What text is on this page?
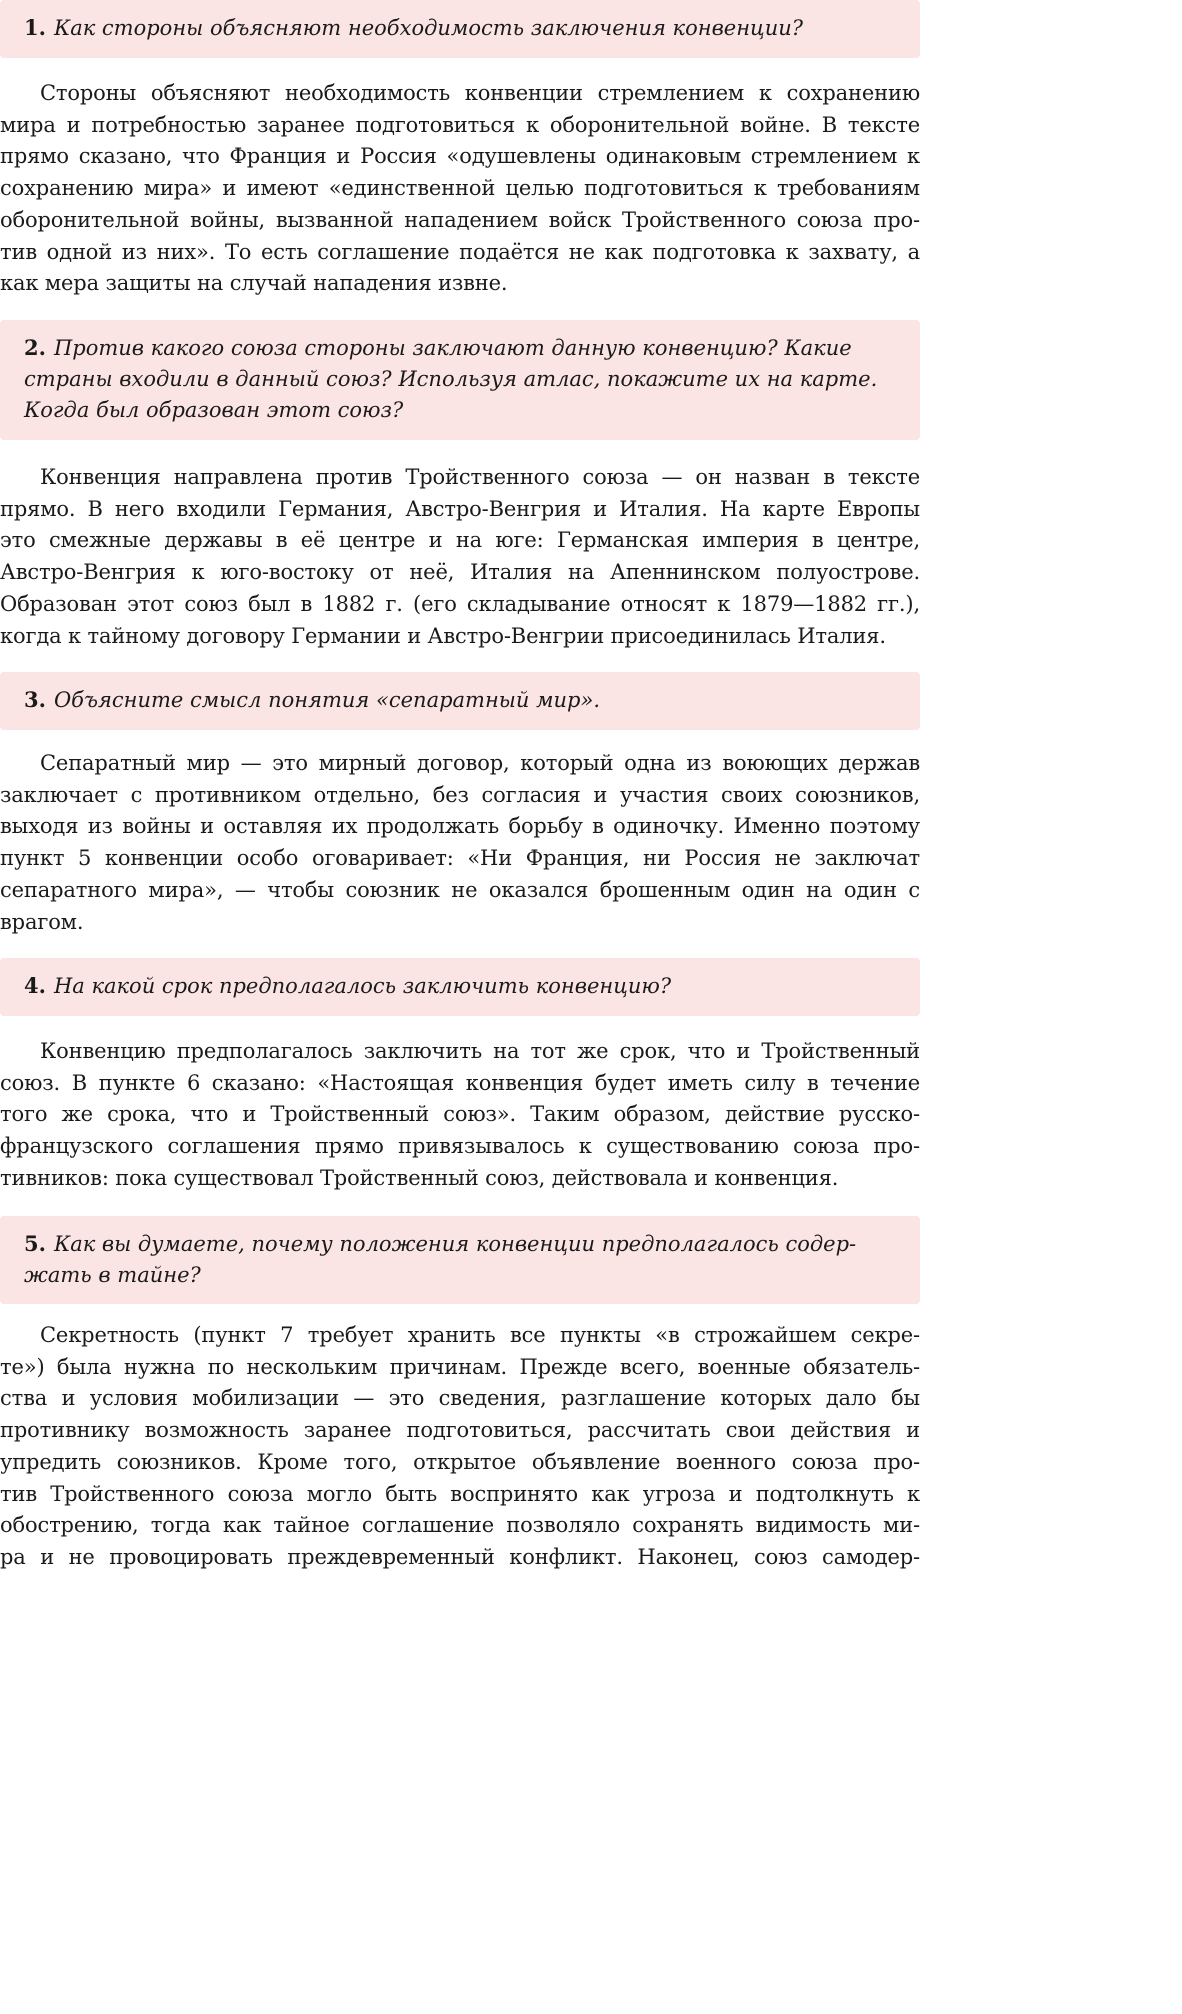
1. Как стороны объясняют необходимость заключения конвенции?
Стороны объясняют необходимость конвенции стремлением к сохранению
мира и потребностью заранее подготовиться к оборонительной войне. В тексте
прямо сказано, что Франция и Россия «одушевлены одинаковым стремлением к
сохранению мира» и имеют «единственной целью подготовиться к требованиям
оборонительной войны, вызванной нападением войск Тройственного союза про-
тив одной из них». То есть соглашение подаётся не как подготовка к захвату, а
как мера защиты на случай нападения извне.
2. Против какого союза стороны заключают данную конвенцию? Какие
страны входили в данный союз? Используя атлас, покажите их на карте.
Когда был образован этот союз?
Конвенция направлена против Тройственного союза — он назван в тексте
прямо. В него входили Германия, Австро-Венгрия и Италия. На карте Европы
это смежные державы в её центре и на юге: Германская империя в центре,
Австро-Венгрия к юго-востоку от неё, Италия на Апеннинском полуострове.
Образован этот союз был в 1882 г. (его складывание относят к 1879—1882 гг.),
когда к тайному договору Германии и Австро-Венгрии присоединилась Италия.
3. Объясните смысл понятия «сепаратный мир».
Сепаратный мир — это мирный договор, который одна из воюющих держав
заключает с противником отдельно, без согласия и участия своих союзников,
выходя из войны и оставляя их продолжать борьбу в одиночку. Именно поэтому
пункт 5 конвенции особо оговаривает: «Ни Франция, ни Россия не заключат
сепаратного мира», — чтобы союзник не оказался брошенным один на один с
врагом.
4. На какой срок предполагалось заключить конвенцию?
Конвенцию предполагалось заключить на тот же срок, что и Тройственный
союз. В пункте 6 сказано: «Настоящая конвенция будет иметь силу в течение
того же срока, что и Тройственный союз». Таким образом, действие русско-
французского соглашения прямо привязывалось к существованию союза про-
тивников: пока существовал Тройственный союз, действовала и конвенция.
5. Как вы думаете, почему положения конвенции предполагалось содер-
жать в тайне?
Секретность (пункт 7 требует хранить все пункты «в строжайшем секре-
те») была нужна по нескольким причинам. Прежде всего, военные обязатель-
ства и условия мобилизации — это сведения, разглашение которых дало бы
противнику возможность заранее подготовиться, рассчитать свои действия и
упредить союзников. Кроме того, открытое объявление военного союза про-
тив Тройственного союза могло быть воспринято как угроза и подтолкнуть к
обострению, тогда как тайное соглашение позволяло сохранять видимость ми-
ра и не провоцировать преждевременный конфликт. Наконец, союз самодер-
